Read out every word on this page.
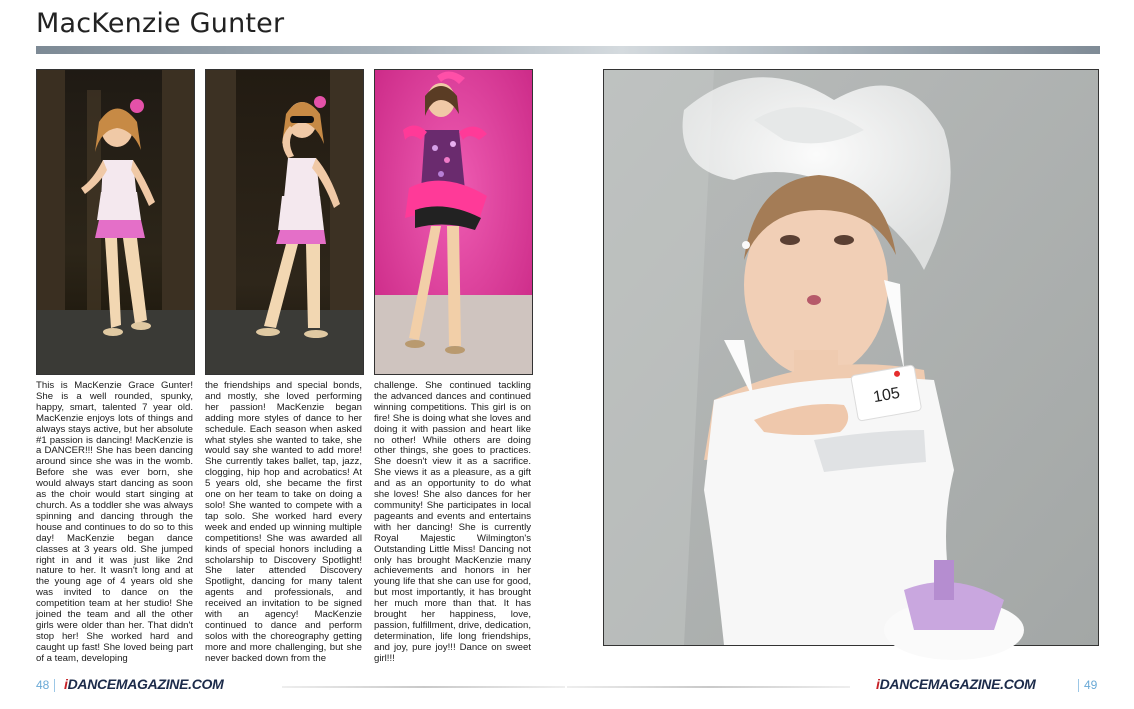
MacKenzie Gunter
This is MacKenzie Grace Gunter! She is a well rounded, spunky, happy, smart, talented 7 year old. MacKenzie enjoys lots of things and always stays active, but her absolute #1 passion is dancing! MacKenzie is a DANCER!!! She has been dancing around since she was in the womb. Before she was ever born, she would always start dancing as soon as the choir would start singing at church. As a toddler she was always spinning and dancing through the house and continues to do so to this day! MacKenzie began dance classes at 3 years old. She jumped right in and it was just like 2nd nature to her. It wasn't long and at the young age of 4 years old she was invited to dance on the competition team at her studio! She joined the team and all the other girls were older than her. That didn't stop her! She worked hard and caught up fast! She loved being part of a team, developing
the friendships and special bonds, and mostly, she loved performing her passion! MacKenzie began adding more styles of dance to her schedule. Each season when asked what styles she wanted to take, she would say she wanted to add more! She currently takes ballet, tap, jazz, clogging, hip hop and acrobatics! At 5 years old, she became the first one on her team to take on doing a solo! She wanted to compete with a tap solo. She worked hard every week and ended up winning multiple competitions! She was awarded all kinds of special honors including a scholarship to Discovery Spotlight! She later attended Discovery Spotlight, dancing for many talent agents and professionals, and received an invitation to be signed with an agency! MacKenzie continued to dance and perform solos with the choreography getting more and more challenging, but she never backed down from the
challenge. She continued tackling the advanced dances and continued winning competitions. This girl is on fire! She is doing what she loves and doing it with passion and heart like no other! While others are doing other things, she goes to practices. She doesn't view it as a sacrifice. She views it as a pleasure, as a gift and as an opportunity to do what she loves! She also dances for her community! She participates in local pageants and events and entertains with her dancing! She is currently Royal Majestic Wilmington's Outstanding Little Miss! Dancing not only has brought MacKenzie many achievements and honors in her young life that she can use for good, but most importantly, it has brought her much more than that. It has brought her happiness, love, passion, fulfillment, drive, dedication, determination, life long friendships, and joy, pure joy!!! Dance on sweet girl!!!
105
48 iDANCEMAGAZINE.COM	iDANCEMAGAZINE.COM	49
